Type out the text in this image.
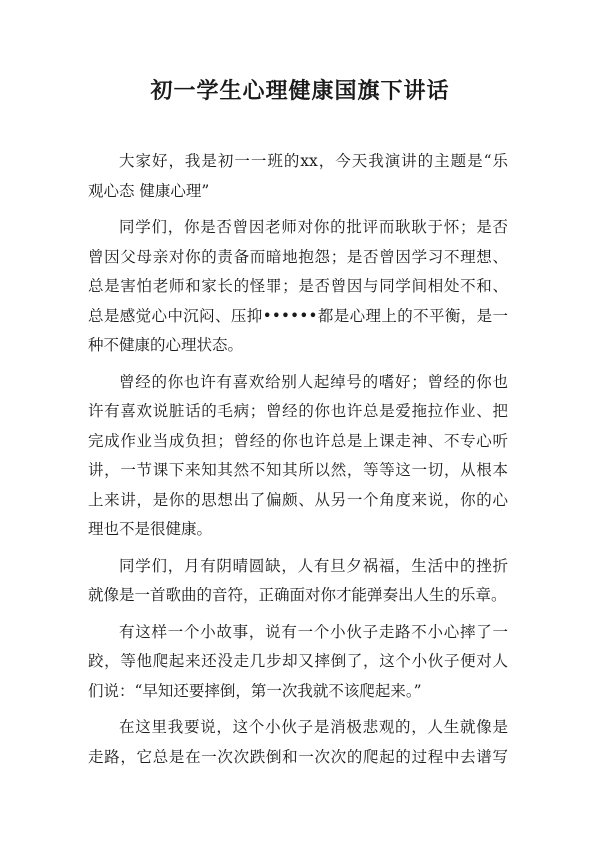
初一学生心理健康国旗下讲话

大家好，我是初一一班的xx，今天我演讲的主题是“乐
观心态 健康心理”

同学们，你是否曾因老师对你的批评而耿耿于怀；是否
曾因父母亲对你的责备而暗地抱怨；是否曾因学习不理想、
总是害怕老师和家长的怪罪；是否曾因与同学间相处不和、
总是感觉心中沉闷、压抑••••••都是心理上的不平衡，是一
种不健康的心理状态。

曾经的你也许有喜欢给别人起绰号的嗜好；曾经的你也
许有喜欢说脏话的毛病；曾经的你也许总是爱拖拉作业、把
完成作业当成负担；曾经的你也许总是上课走神、不专心听
讲，一节课下来知其然不知其所以然，等等这一切，从根本
上来讲，是你的思想出了偏颇、从另一个角度来说，你的心
理也不是很健康。

同学们，月有阴晴圆缺，人有旦夕祸福，生活中的挫折
就像是一首歌曲的音符，正确面对你才能弹奏出人生的乐章。

有这样一个小故事，说有一个小伙子走路不小心摔了一
跤，等他爬起来还没走几步却又摔倒了，这个小伙子便对人
们说：“早知还要摔倒，第一次我就不该爬起来。”

在这里我要说，这个小伙子是消极悲观的，人生就像是
走路，它总是在一次次跌倒和一次次的爬起的过程中去谱写
